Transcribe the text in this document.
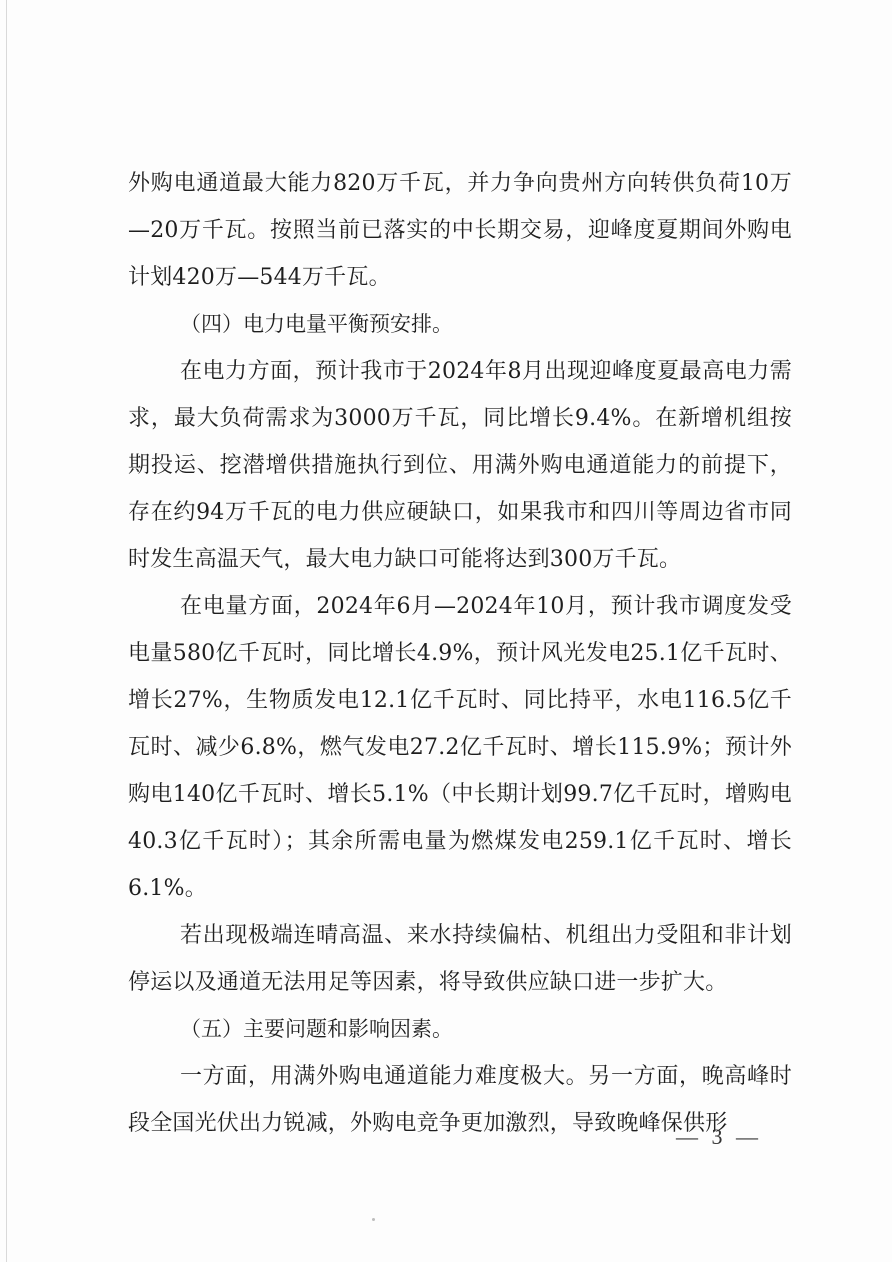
外购电通道最大能力820万千瓦，并力争向贵州方向转供负荷10万—20万千瓦。按照当前已落实的中长期交易，迎峰度夏期间外购电计划420万—544万千瓦。

（四）电力电量平衡预安排。

在电力方面，预计我市于2024年8月出现迎峰度夏最高电力需求，最大负荷需求为3000万千瓦，同比增长9.4%。在新增机组按期投运、挖潜增供措施执行到位、用满外购电通道能力的前提下，存在约94万千瓦的电力供应硬缺口，如果我市和四川等周边省市同时发生高温天气，最大电力缺口可能将达到300万千瓦。

在电量方面，2024年6月—2024年10月，预计我市调度发受电量580亿千瓦时，同比增长4.9%，预计风光发电25.1亿千瓦时、增长27%，生物质发电12.1亿千瓦时、同比持平，水电116.5亿千瓦时、减少6.8%，燃气发电27.2亿千瓦时、增长115.9%；预计外购电140亿千瓦时、增长5.1%（中长期计划99.7亿千瓦时，增购电40.3亿千瓦时）；其余所需电量为燃煤发电259.1亿千瓦时、增长6.1%。

若出现极端连晴高温、来水持续偏枯、机组出力受阻和非计划停运以及通道无法用足等因素，将导致供应缺口进一步扩大。

（五）主要问题和影响因素。

一方面，用满外购电通道能力难度极大。另一方面，晚高峰时段全国光伏出力锐减，外购电竞争更加激烈，导致晚峰保供形

— 3 —
